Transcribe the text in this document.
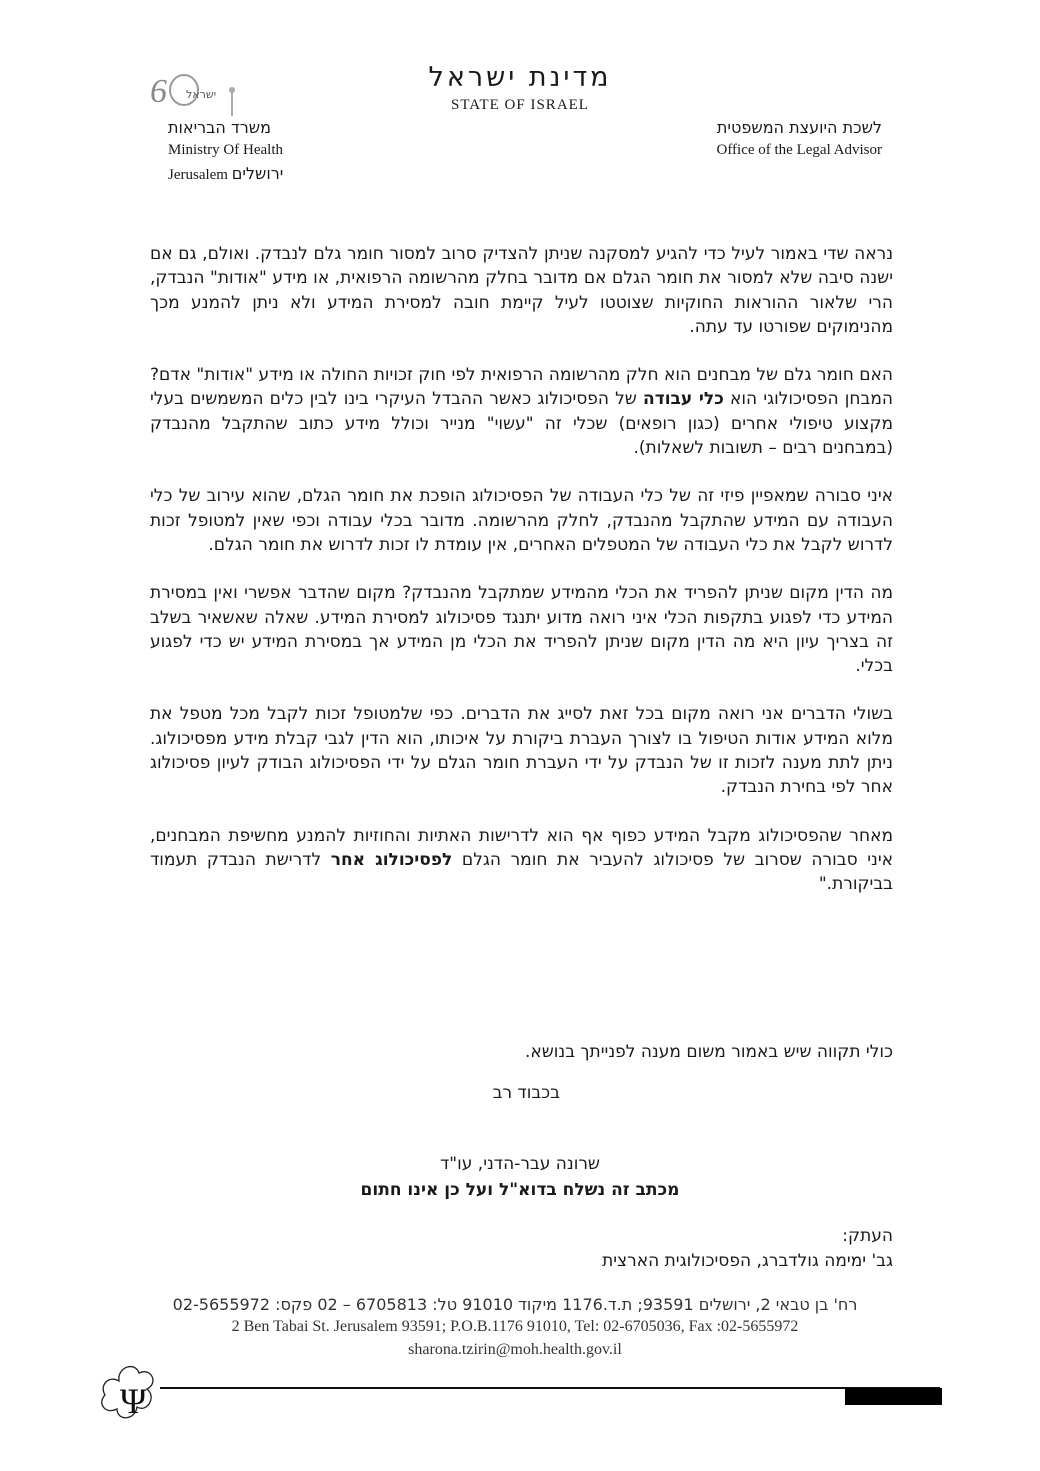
6 ישראל
מדינת ישראל
STATE OF ISRAEL
משרד הבריאות
Ministry Of Health
Jerusalem ירושלים
לשכת היועצת המשפטית
Office of the Legal Advisor

נראה שדי באמור לעיל כדי להגיע למסקנה שניתן להצדיק סרוב למסור חומר גלם לנבדק. ואולם, גם אם ישנה סיבה שלא למסור את חומר הגלם אם מדובר בחלק מהרשומה הרפואית, או מידע "אודות" הנבדק, הרי שלאור ההוראות החוקיות שצוטטו לעיל קיימת חובה למסירת המידע ולא ניתן להמנע מכך מהנימוקים שפורטו עד עתה.

האם חומר גלם של מבחנים הוא חלק מהרשומה הרפואית לפי חוק זכויות החולה או מידע "אודות" אדם? המבחן הפסיכולוגי הוא כלי עבודה של הפסיכולוג כאשר ההבדל העיקרי בינו לבין כלים המשמשים בעלי מקצוע טיפולי אחרים (כגון רופאים) שכלי זה "עשוי" מנייר וכולל מידע כתוב שהתקבל מהנבדק (במבחנים רבים – תשובות לשאלות).

איני סבורה שמאפיין פיזי זה של כלי העבודה של הפסיכולוג הופכת את חומר הגלם, שהוא עירוב של כלי העבודה עם המידע שהתקבל מהנבדק, לחלק מהרשומה. מדובר בכלי עבודה וכפי שאין למטופל זכות לדרוש לקבל את כלי העבודה של המטפלים האחרים, אין עומדת לו זכות לדרוש את חומר הגלם.

מה הדין מקום שניתן להפריד את הכלי מהמידע שמתקבל מהנבדק? מקום שהדבר אפשרי ואין במסירת המידע כדי לפגוע בתקפות הכלי איני רואה מדוע יתנגד פסיכולוג למסירת המידע. שאלה שאשאיר בשלב זה בצריך עיון היא מה הדין מקום שניתן להפריד את הכלי מן המידע אך במסירת המידע יש כדי לפגוע בכלי.

בשולי הדברים אני רואה מקום בכל זאת לסייג את הדברים. כפי שלמטופל זכות לקבל מכל מטפל את מלוא המידע אודות הטיפול בו לצורך העברת ביקורת על איכותו, הוא הדין לגבי קבלת מידע מפסיכולוג. ניתן לתת מענה לזכות זו של הנבדק על ידי העברת חומר הגלם על ידי הפסיכולוג הבודק לעיון פסיכולוג אחר לפי בחירת הנבדק.

מאחר שהפסיכולוג מקבל המידע כפוף אף הוא לדרישות האתיות והחוזיות להמנע מחשיפת המבחנים, איני סבורה שסרוב של פסיכולוג להעביר את חומר הגלם לפסיכולוג אחר לדרישת הנבדק תעמוד בביקורת."

כולי תקווה שיש באמור משום מענה לפנייתך בנושא.
בכבוד רב
שרונה עבר-הדני, עו"ד
מכתב זה נשלח בדוא"ל ועל כן אינו חתום
העתק:
גב' ימימה גולדברג, הפסיכולוגית הארצית
רח' בן טבאי 2, ירושלים 93591; ת.ד.1176 מיקוד 91010 טל: 6705813 – 02 פקס: 02-5655972
2 Ben Tabai St. Jerusalem 93591; P.O.B.1176 91010, Tel: 02-6705036, Fax :02-5655972
sharona.tzirin@moh.health.gov.il
Ψ
